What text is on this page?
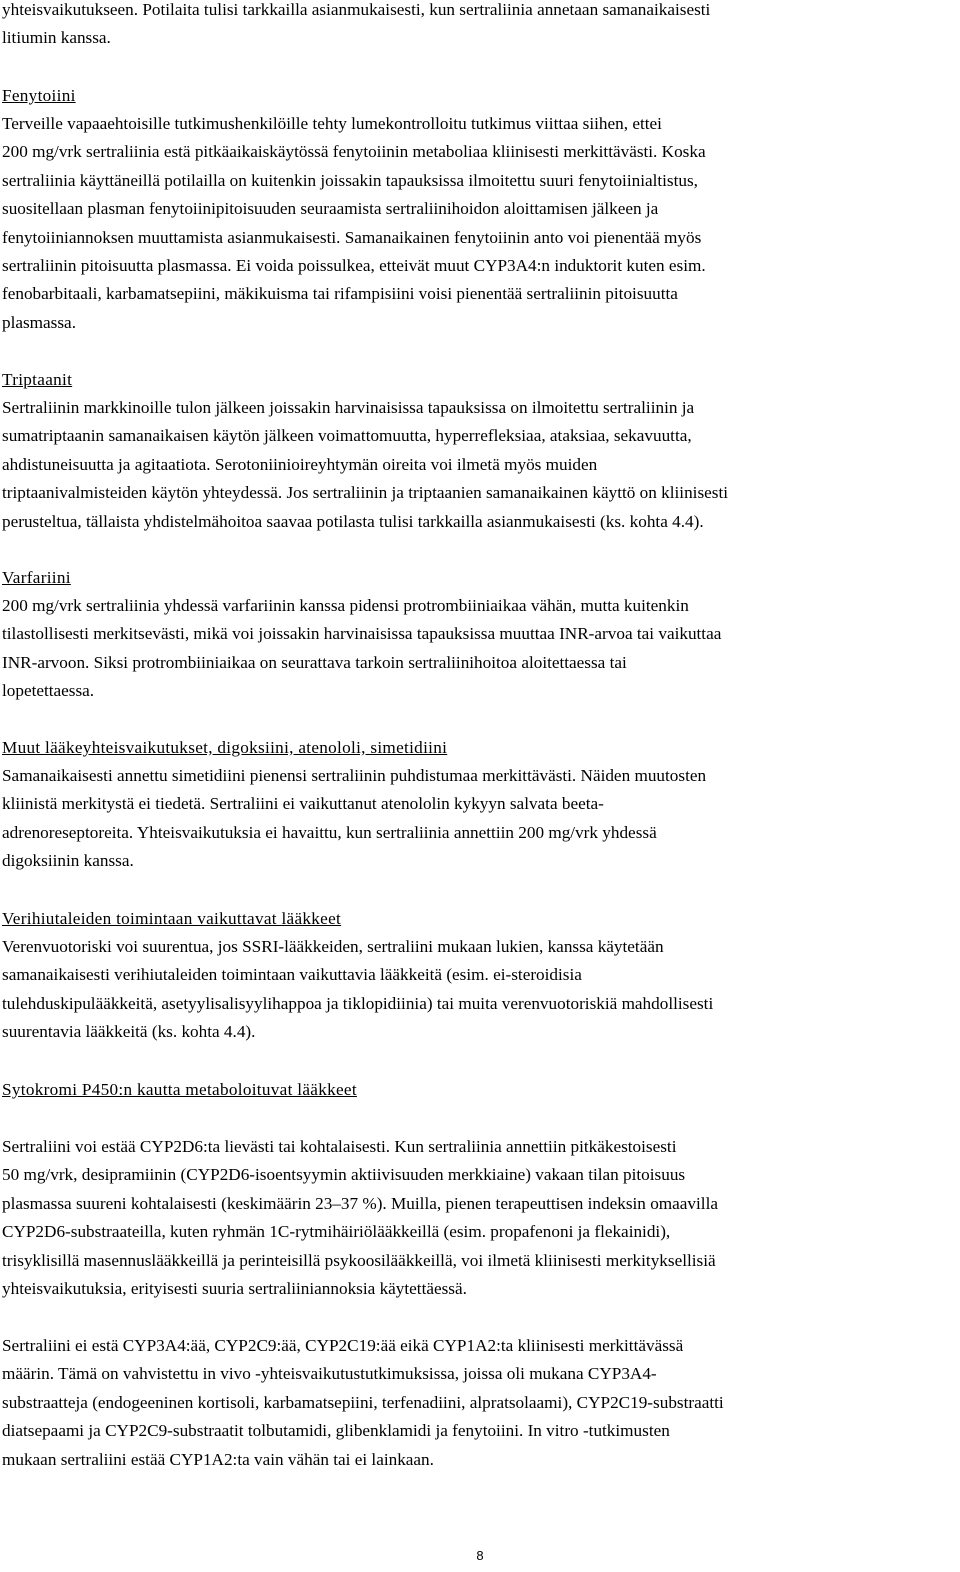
yhteisvaikutukseen. Potilaita tulisi tarkkailla asianmukaisesti, kun sertraliinia annetaan samanaikaisesti
litiumin kanssa.
Fenytoiini
Terveille vapaaehtoisille tutkimushenkilöille tehty lumekontrolloitu tutkimus viittaa siihen, ettei
200 mg/vrk sertraliinia estä pitkäaikaiskäytössä fenytoiinin metaboliaa kliinisesti merkittävästi. Koska
sertraliinia käyttäneillä potilailla on kuitenkin joissakin tapauksissa ilmoitettu suuri fenytoiinialtistus,
suositellaan plasman fenytoiinipitoisuuden seuraamista sertraliinihoidon aloittamisen jälkeen ja
fenytoiiniannoksen muuttamista asianmukaisesti. Samanaikainen fenytoiinin anto voi pienentää myös
sertraliinin pitoisuutta plasmassa. Ei voida poissulkea, etteivät muut CYP3A4:n induktorit kuten esim.
fenobarbitaali, karbamatsepiini, mäkikuisma tai rifampisiini voisi pienentää sertraliinin pitoisuutta
plasmassa.
Triptaanit
Sertraliinin markkinoille tulon jälkeen joissakin harvinaisissa tapauksissa on ilmoitettu sertraliinin ja
sumatriptaanin samanaikaisen käytön jälkeen voimattomuutta, hyperrefleksiaa, ataksiaa, sekavuutta,
ahdistuneisuutta ja agitaatiota. Serotoniinioireyhtymän oireita voi ilmetä myös muiden
triptaanivalmisteiden käytön yhteydessä. Jos sertraliinin ja triptaanien samanaikainen käyttö on kliinisesti
perusteltua, tällaista yhdistelmähoitoa saavaa potilasta tulisi tarkkailla asianmukaisesti (ks. kohta 4.4).
Varfariini
200 mg/vrk sertraliinia yhdessä varfariinin kanssa pidensi protrombiiniaikaa vähän, mutta kuitenkin
tilastollisesti merkitsevästi, mikä voi joissakin harvinaisissa tapauksissa muuttaa INR-arvoa tai vaikuttaa
INR-arvoon. Siksi protrombiiniaikaa on seurattava tarkoin sertraliinihoitoa aloitettaessa tai
lopetettaessa.
Muut lääkeyhteisvaikutukset, digoksiini, atenololi, simetidiini
Samanaikaisesti annettu simetidiini pienensi sertraliinin puhdistumaa merkittävästi. Näiden muutosten
kliinistä merkitystä ei tiedetä. Sertraliini ei vaikuttanut atenololin kykyyn salvata beeta-
adrenoreseptoreita. Yhteisvaikutuksia ei havaittu, kun sertraliinia annettiin 200 mg/vrk yhdessä
digoksiinin kanssa.
Verihiutaleiden toimintaan vaikuttavat lääkkeet
Verenvuotoriski voi suurentua, jos SSRI-lääkkeiden, sertraliini mukaan lukien, kanssa käytetään
samanaikaisesti verihiutaleiden toimintaan vaikuttavia lääkkeitä (esim. ei-steroidisia
tulehduskipulääkkeitä, asetyylisalisyylihappoa ja tiklopidiinia) tai muita verenvuotoriskiä mahdollisesti
suurentavia lääkkeitä (ks. kohta 4.4).
Sytokromi P450:n kautta metaboloituvat lääkkeet
Sertraliini voi estää CYP2D6:ta lievästi tai kohtalaisesti. Kun sertraliinia annettiin pitkäkestoisesti
50 mg/vrk, desipramiinin (CYP2D6-isoentsyymin aktiivisuuden merkkiaine) vakaan tilan pitoisuus
plasmassa suureni kohtalaisesti (keskimäärin 23–37 %). Muilla, pienen terapeuttisen indeksin omaavilla
CYP2D6-substraateilla, kuten ryhmän 1C-rytmihäiriölääkkeillä (esim. propafenoni ja flekainidi),
trisyklisillä masennuslääkkeillä ja perinteisillä psykoosilääkkeillä, voi ilmetä kliinisesti merkityksellisiä
yhteisvaikutuksia, erityisesti suuria sertraliiniannoksia käytettäessä.
Sertraliini ei estä CYP3A4:ää, CYP2C9:ää, CYP2C19:ää eikä CYP1A2:ta kliinisesti merkittävässä
määrin. Tämä on vahvistettu in vivo -yhteisvaikutustutkimuksissa, joissa oli mukana CYP3A4-
substraatteja (endogeeninen kortisoli, karbamatsepiini, terfenadiini, alpratsolaami), CYP2C19-substraatti
diatsepaami ja CYP2C9-substraatit tolbutamidi, glibenklamidi ja fenytoiini. In vitro -tutkimusten
mukaan sertraliini estää CYP1A2:ta vain vähän tai ei lainkaan.
8
